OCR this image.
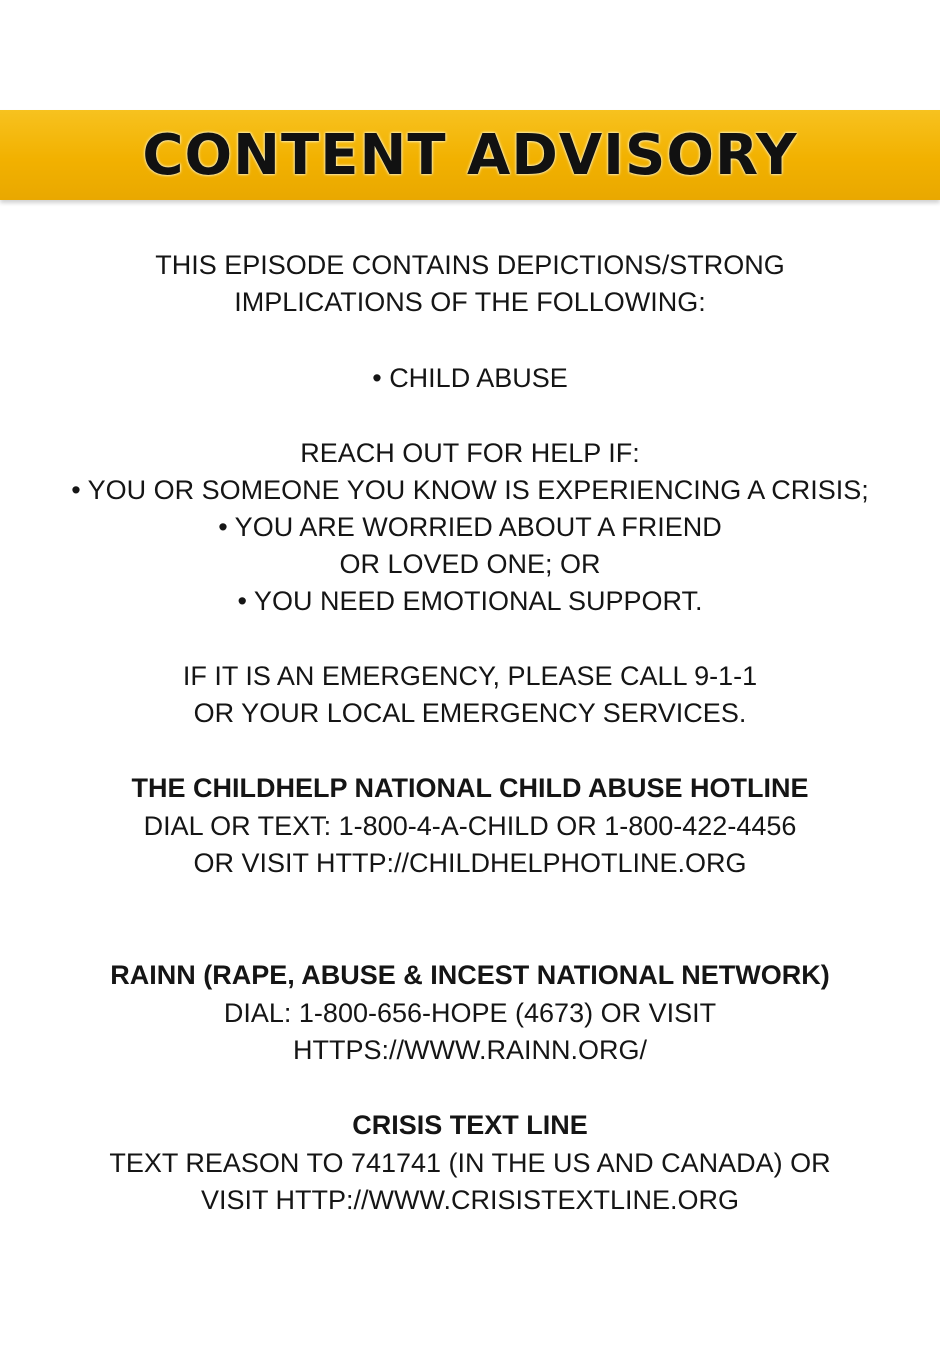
CONTENT ADVISORY
THIS EPISODE CONTAINS DEPICTIONS/STRONG
IMPLICATIONS OF THE FOLLOWING:
• CHILD ABUSE
REACH OUT FOR HELP IF:
• YOU OR SOMEONE YOU KNOW IS EXPERIENCING A CRISIS;
• YOU ARE WORRIED ABOUT A FRIEND
OR LOVED ONE; OR
• YOU NEED EMOTIONAL SUPPORT.
IF IT IS AN EMERGENCY, PLEASE CALL 9-1-1
OR YOUR LOCAL EMERGENCY SERVICES.
THE CHILDHELP NATIONAL CHILD ABUSE HOTLINE
DIAL OR TEXT: 1-800-4-A-CHILD OR 1-800-422-4456
OR VISIT HTTP://CHILDHELPHOTLINE.ORG
RAINN (RAPE, ABUSE & INCEST NATIONAL NETWORK)
DIAL: 1-800-656-HOPE (4673) OR VISIT
HTTPS://WWW.RAINN.ORG/
CRISIS TEXT LINE
TEXT REASON TO 741741 (IN THE US AND CANADA) OR
VISIT HTTP://WWW.CRISISTEXTLINE.ORG
